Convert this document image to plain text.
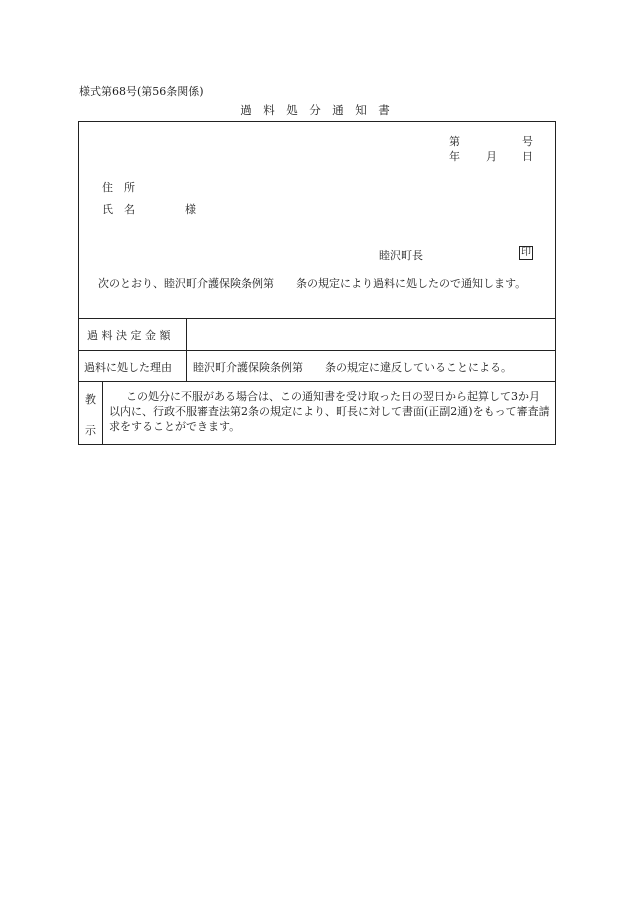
様式第68号(第56条関係)
過　料　処　分　通　知　書
第	号
年 月 日
住　所
氏　名	様
睦沢町長	印
次のとおり、睦沢町介護保険条例第　　条の規定により過料に処したので通知します。
過 料 決 定 金 額
過料に処した理由 睦沢町介護保険条例第　　条の規定に違反していることによる。
教
示
この処分に不服がある場合は、この通知書を受け取った日の翌日から起算して3か月以内に、行政不服審査法第2条の規定により、町長に対して書面(正副2通)をもって審査請求をすることができます。
